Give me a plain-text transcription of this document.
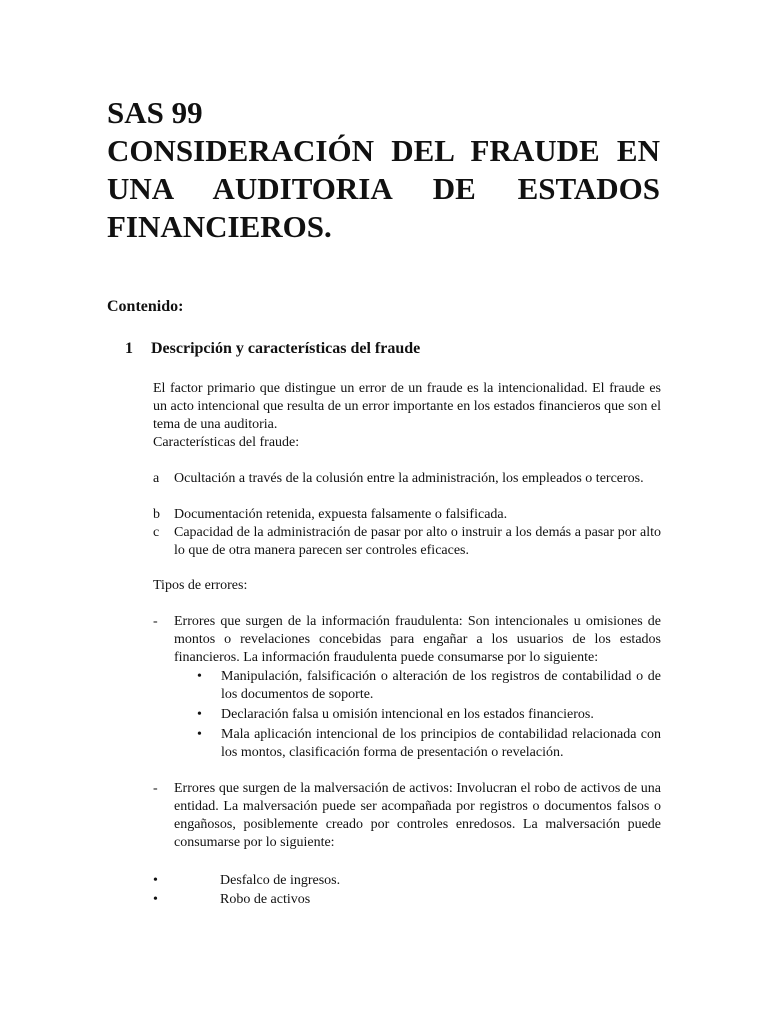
SAS 99
CONSIDERACIÓN DEL FRAUDE EN
UNA AUDITORIA DE ESTADOS
FINANCIEROS.

Contenido:

1 Descripción y características del fraude

El factor primario que distingue un error de un fraude es la intencionalidad. El fraude es un acto intencional que resulta de un error importante en los estados financieros que son el tema de una auditoria.

Características del fraude:

a	Ocultación a través de la colusión entre la administración, los empleados o terceros.
b	Documentación retenida, expuesta falsamente o falsificada.
c	Capacidad de la administración de pasar por alto o instruir a los demás a pasar por alto lo que de otra manera parecen ser controles eficaces.

Tipos de errores:

-	Errores que surgen de la información fraudulenta: Son intencionales u omisiones de montos o revelaciones concebidas para engañar a los usuarios de los estados financieros. La información fraudulenta puede consumarse por lo siguiente:
• Manipulación, falsificación o alteración de los registros de contabilidad o de los documentos de soporte.
• Declaración falsa u omisión intencional en los estados financieros.
• Mala aplicación intencional de los principios de contabilidad relacionada con los montos, clasificación forma de presentación o revelación.
-	Errores que surgen de la malversación de activos: Involucran el robo de activos de una entidad. La malversación puede ser acompañada por registros o documentos falsos o engañosos, posiblemente creado por controles enredosos. La malversación puede consumarse por lo siguiente:
•	Desfalco de ingresos.
•	Robo de activos
